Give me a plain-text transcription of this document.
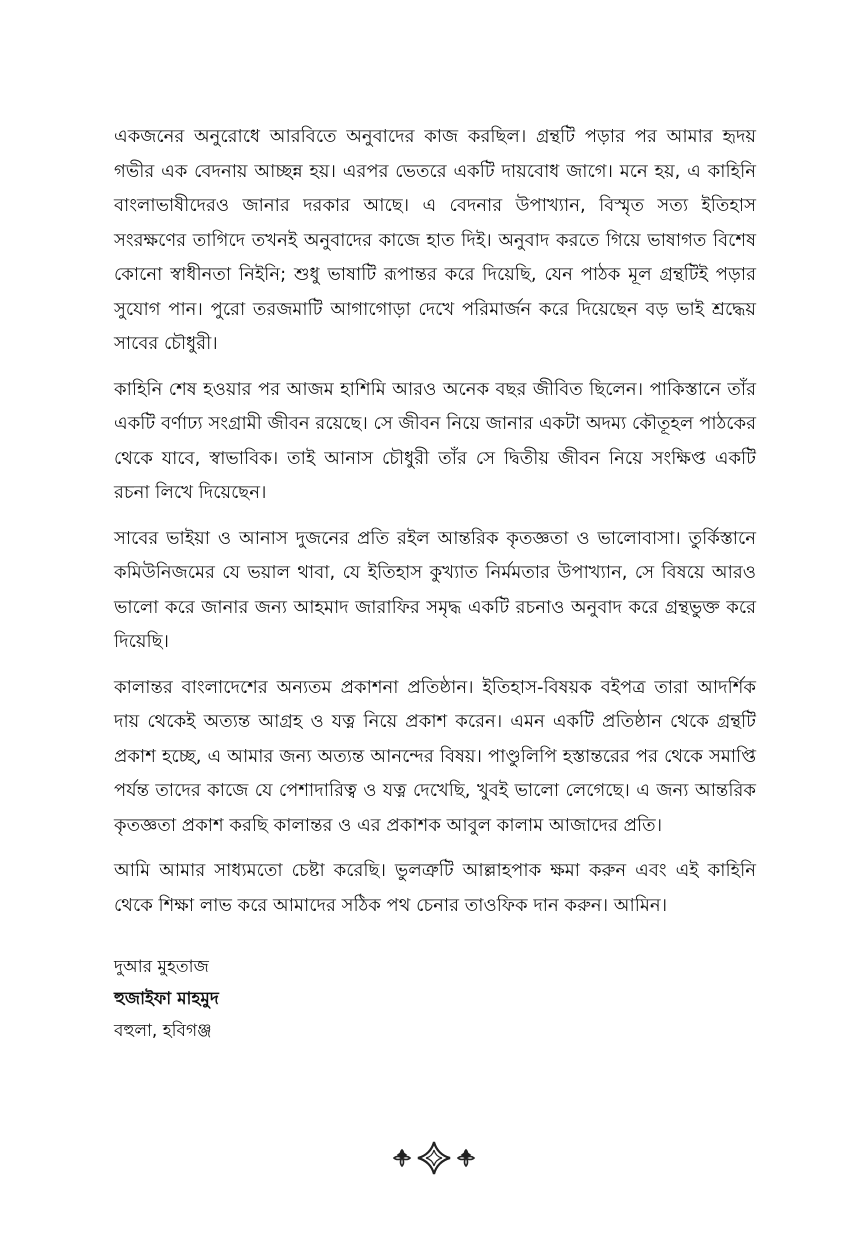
একজনের অনুরোধে আরবিতে অনুবাদের কাজ করছিল। গ্রন্থটি পড়ার পর আমার হৃদয় গভীর এক বেদনায় আচ্ছন্ন হয়। এরপর ভেতরে একটি দায়বোধ জাগে। মনে হয়, এ কাহিনি বাংলাভাষীদেরও জানার দরকার আছে। এ বেদনার উপাখ্যান, বিস্মৃত সত্য ইতিহাস সংরক্ষণের তাগিদে তখনই অনুবাদের কাজে হাত দিই। অনুবাদ করতে গিয়ে ভাষাগত বিশেষ কোনো স্বাধীনতা নিইনি; শুধু ভাষাটি রূপান্তর করে দিয়েছি, যেন পাঠক মূল গ্রন্থটিই পড়ার সুযোগ পান। পুরো তরজমাটি আগাগোড়া দেখে পরিমার্জন করে দিয়েছেন বড় ভাই শ্রদ্ধেয় সাবের চৌধুরী।

কাহিনি শেষ হওয়ার পর আজম হাশিমি আরও অনেক বছর জীবিত ছিলেন। পাকিস্তানে তাঁর একটি বর্ণাঢ্য সংগ্রামী জীবন রয়েছে। সে জীবন নিয়ে জানার একটা অদম্য কৌতূহল পাঠকের থেকে যাবে, স্বাভাবিক। তাই আনাস চৌধুরী তাঁর সে দ্বিতীয় জীবন নিয়ে সংক্ষিপ্ত একটি রচনা লিখে দিয়েছেন।

সাবের ভাইয়া ও আনাস দুজনের প্রতি রইল আন্তরিক কৃতজ্ঞতা ও ভালোবাসা। তুর্কিস্তানে কমিউনিজমের যে ভয়াল থাবা, যে ইতিহাস কুখ্যাত নির্মমতার উপাখ্যান, সে বিষয়ে আরও ভালো করে জানার জন্য আহমাদ জারাফির সমৃদ্ধ একটি রচনাও অনুবাদ করে গ্রন্থভুক্ত করে দিয়েছি।

কালান্তর বাংলাদেশের অন্যতম প্রকাশনা প্রতিষ্ঠান। ইতিহাস-বিষয়ক বইপত্র তারা আদর্শিক দায় থেকেই অত্যন্ত আগ্রহ ও যত্ন নিয়ে প্রকাশ করেন। এমন একটি প্রতিষ্ঠান থেকে গ্রন্থটি প্রকাশ হচ্ছে, এ আমার জন্য অত্যন্ত আনন্দের বিষয়। পাণ্ডুলিপি হস্তান্তরের পর থেকে সমাপ্তি পর্যন্ত তাদের কাজে যে পেশাদারিত্ব ও যত্ন দেখেছি, খুবই ভালো লেগেছে। এ জন্য আন্তরিক কৃতজ্ঞতা প্রকাশ করছি কালান্তর ও এর প্রকাশক আবুল কালাম আজাদের প্রতি।

আমি আমার সাধ্যমতো চেষ্টা করেছি। ভুলত্রুটি আল্লাহপাক ক্ষমা করুন এবং এই কাহিনি থেকে শিক্ষা লাভ করে আমাদের সঠিক পথ চেনার তাওফিক দান করুন। আমিন।

দুআর মুহতাজ

হুজাইফা মাহমুদ

বহুলা, হবিগঞ্জ
